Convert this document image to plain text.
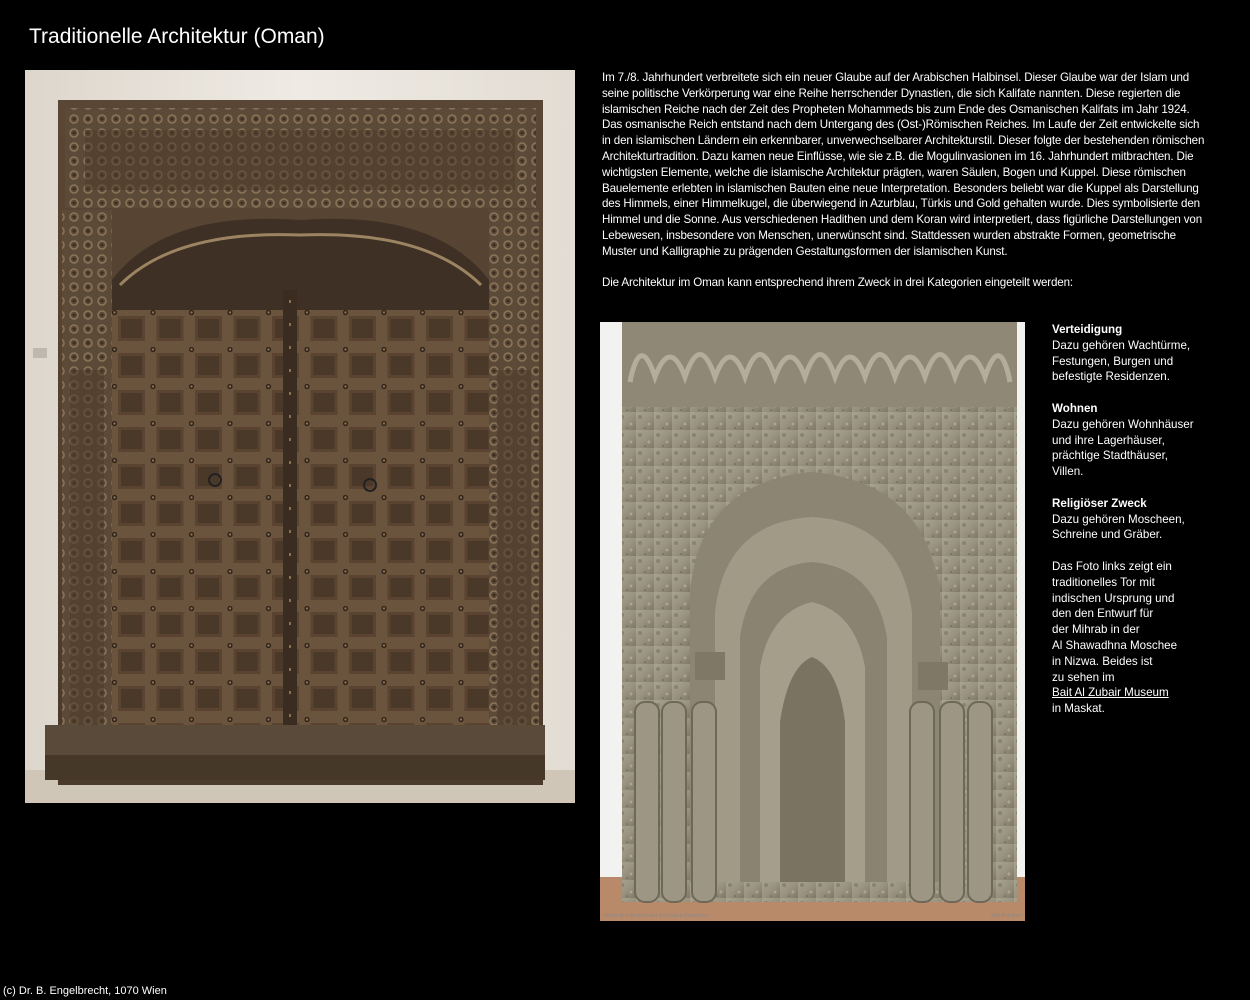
Traditionelle Architektur (Oman)

Im 7./8. Jahrhundert verbreitete sich ein neuer Glaube auf der Arabischen Halbinsel. Dieser Glaube war der Islam und seine politische Verkörperung war eine Reihe herrschender Dynastien, die sich Kalifate nannten. Diese regierten die islamischen Reiche nach der Zeit des Propheten Mohammeds bis zum Ende des Osmanischen Kalifats im Jahr 1924. Das osmanische Reich entstand nach dem Untergang des (Ost-)Römischen Reiches. Im Laufe der Zeit entwickelte sich in den islamischen Ländern ein erkennbarer, unverwechselbarer Architekturstil. Dieser folgte der bestehenden römischen Architekturtradition. Dazu kamen neue Einflüsse, wie sie z.B. die Mogulinvasionen im 16. Jahrhundert mitbrachten. Die wichtigsten Elemente, welche die islamische Architektur prägten, waren Säulen, Bogen und Kuppel. Diese römischen Bauelemente erlebten in islamischen Bauten eine neue Interpretation. Besonders beliebt war die Kuppel als Darstellung des Himmels, einer Himmelkugel, die überwiegend in Azurblau, Türkis und Gold gehalten wurde. Dies symbolisierte den Himmel und die Sonne. Aus verschiedenen Hadithen und dem Koran wird interpretiert, dass figürliche Darstellungen von Lebewesen, insbesondere von Menschen, unerwünscht sind. Stattdessen wurden abstrakte Formen, geometrische Muster und Kalligraphie zu prägenden Gestaltungsformen der islamischen Kunst.

Die Architektur im Oman kann entsprechend ihrem Zweck in drei Kategorien eingeteilt werden:

Islamic Architectural and Decorative Ornaments	Bait Al Zubair
Verteidigung
Dazu gehören Wachtürme,
Festungen, Burgen und
befestigte Residenzen.
Wohnen
Dazu gehören Wohnhäuser
und ihre Lagerhäuser,
prächtige Stadthäuser,
Villen.
Religiöser Zweck
Dazu gehören Moscheen,
Schreine und Gräber.
Das Foto links zeigt ein
traditionelles Tor mit
indischen Ursprung und
den den Entwurf für
der Mihrab in der
Al Shawadhna Moschee
in Nizwa. Beides ist
zu sehen im
Bait Al Zubair Museum
in Maskat.
(c) Dr. B. Engelbrecht, 1070 Wien
